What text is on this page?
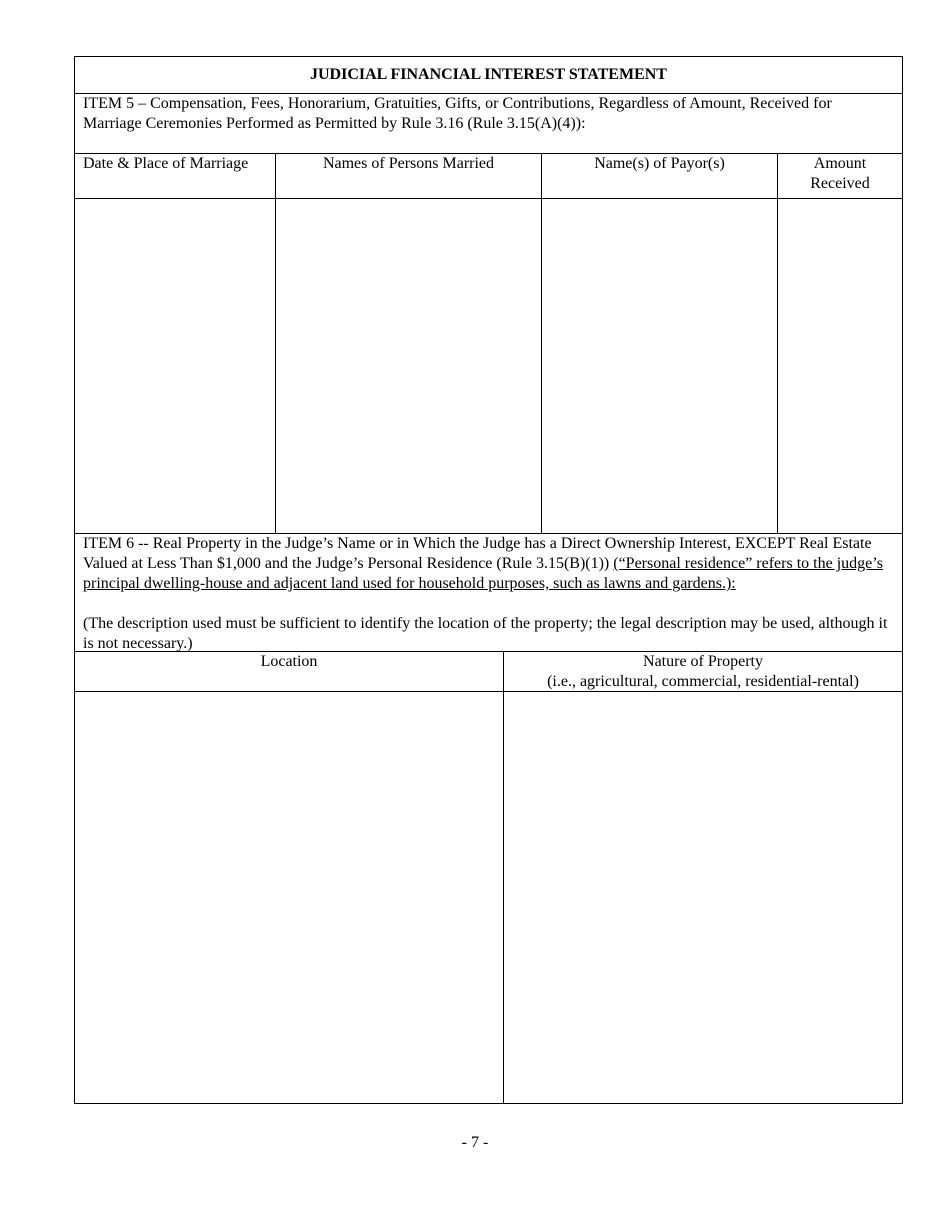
JUDICIAL FINANCIAL INTEREST STATEMENT
ITEM 5 – Compensation, Fees, Honorarium, Gratuities, Gifts, or Contributions, Regardless of Amount, Received for Marriage Ceremonies Performed as Permitted by Rule 3.16 (Rule 3.15(A)(4)):
Date & Place of Marriage	Names of Persons Married	Name(s) of Payor(s)	Amount
Received
ITEM 6 -- Real Property in the Judge’s Name or in Which the Judge has a Direct Ownership Interest, EXCEPT Real Estate Valued at Less Than $1,000 and the Judge’s Personal Residence (Rule 3.15(B)(1)) (“Personal residence” refers to the judge’s principal dwelling-house and adjacent land used for household purposes, such as lawns and gardens.):
(The description used must be sufficient to identify the location of the property; the legal description may be used, although it is not necessary.)
Location	Nature of Property
(i.e., agricultural, commercial, residential-rental)
- 7 -
